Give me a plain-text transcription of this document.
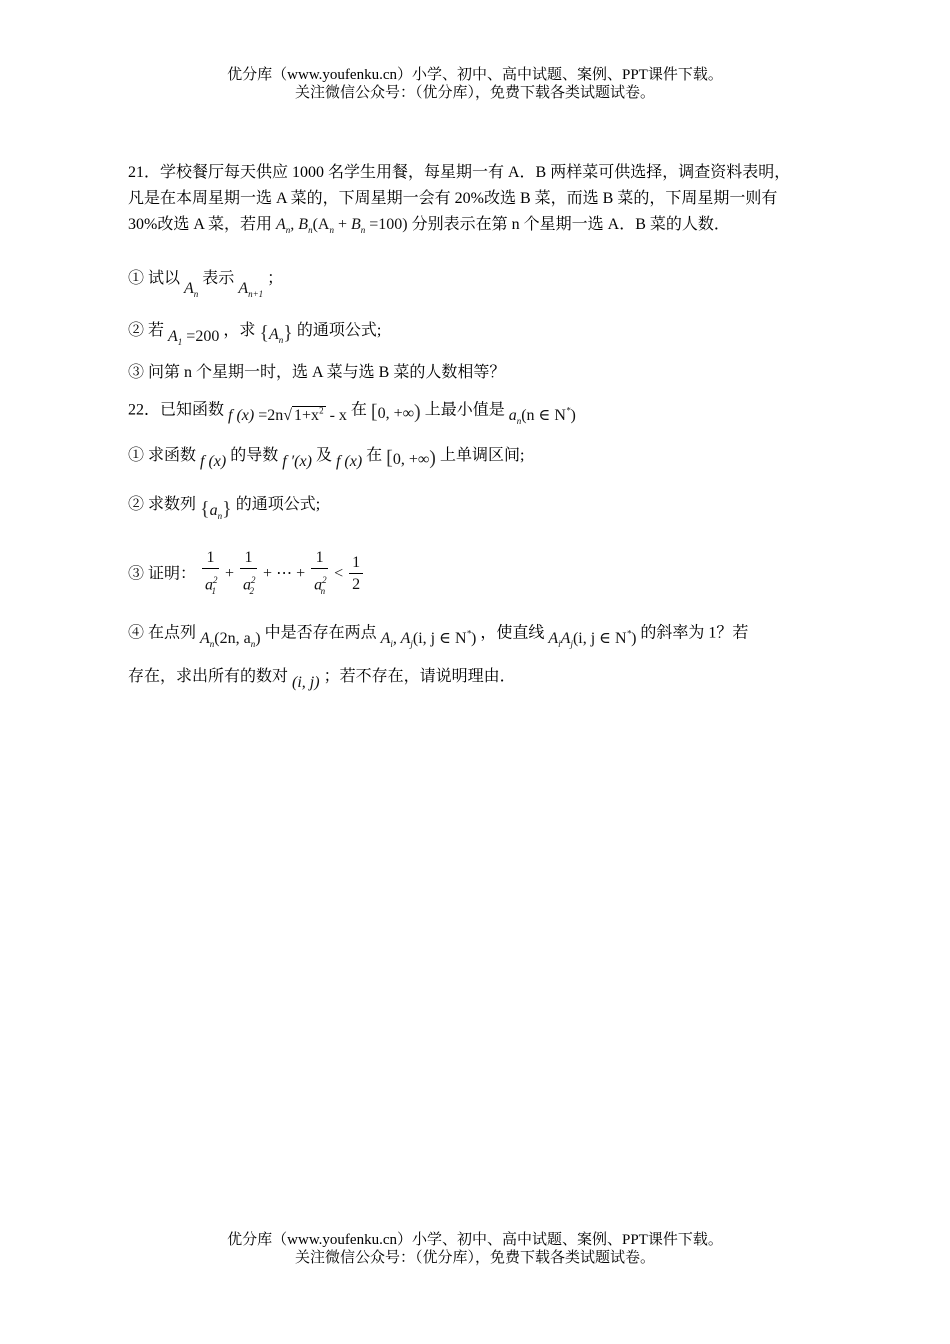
优分库（www.youfenku.cn）小学、初中、高中试题、案例、PPT课件下载。
关注微信公众号：（优分库），免费下载各类试题试卷。
21．学校餐厅每天供应 1000 名学生用餐，每星期一有 A．B 两样菜可供选择，调查资料表明，
凡是在本周星期一选 A 菜的，下周星期一会有 20%改选 B 菜，而选 B 菜的，下周星期一则有
30%改选 A 菜，若用 $A_n$, $B_n(A_n + B_n =100)$ 分别表示在第 n 个星期一选 A．B 菜的人数．
① 试以 $A_n$ 表示 $A_{n+1}$ ；
② 若 $A_1 =200$ ，求 $\{A_n\}$ 的通项公式;
③ 问第 n 个星期一时，选 A 菜与选 B 菜的人数相等？
22．已知函数 f (x) =2n√ $1+x^2 - x$ 在 [0, +∞) 上最小值是 $a_n(n$ ∈ N*)
① 求函数 f (x) 的导数 f ′(x) 及 f (x) 在 [0, +∞) 上单调区间;
② 求数列 $\{a_n\}$ 的通项公式;
③ 证明： $\frac{1}{a^2_1} + \frac{1}{a^2_2}$ + ⋯ + $\frac{1}{a^2_n} < \frac{1}{2}$
④ 在点列 $A_n(2n$, $a_n$) 中是否存在两点 $A_i$, $A_j(i$, j ∈ N*) ，使直线 $A_iA_j(i$, j ∈ N*) 的斜率为 1？若
存在，求出所有的数对 (i, j) ；若不存在，请说明理由．
优分库（www.youfenku.cn）小学、初中、高中试题、案例、PPT课件下载。
关注微信公众号：（优分库），免费下载各类试题试卷。
